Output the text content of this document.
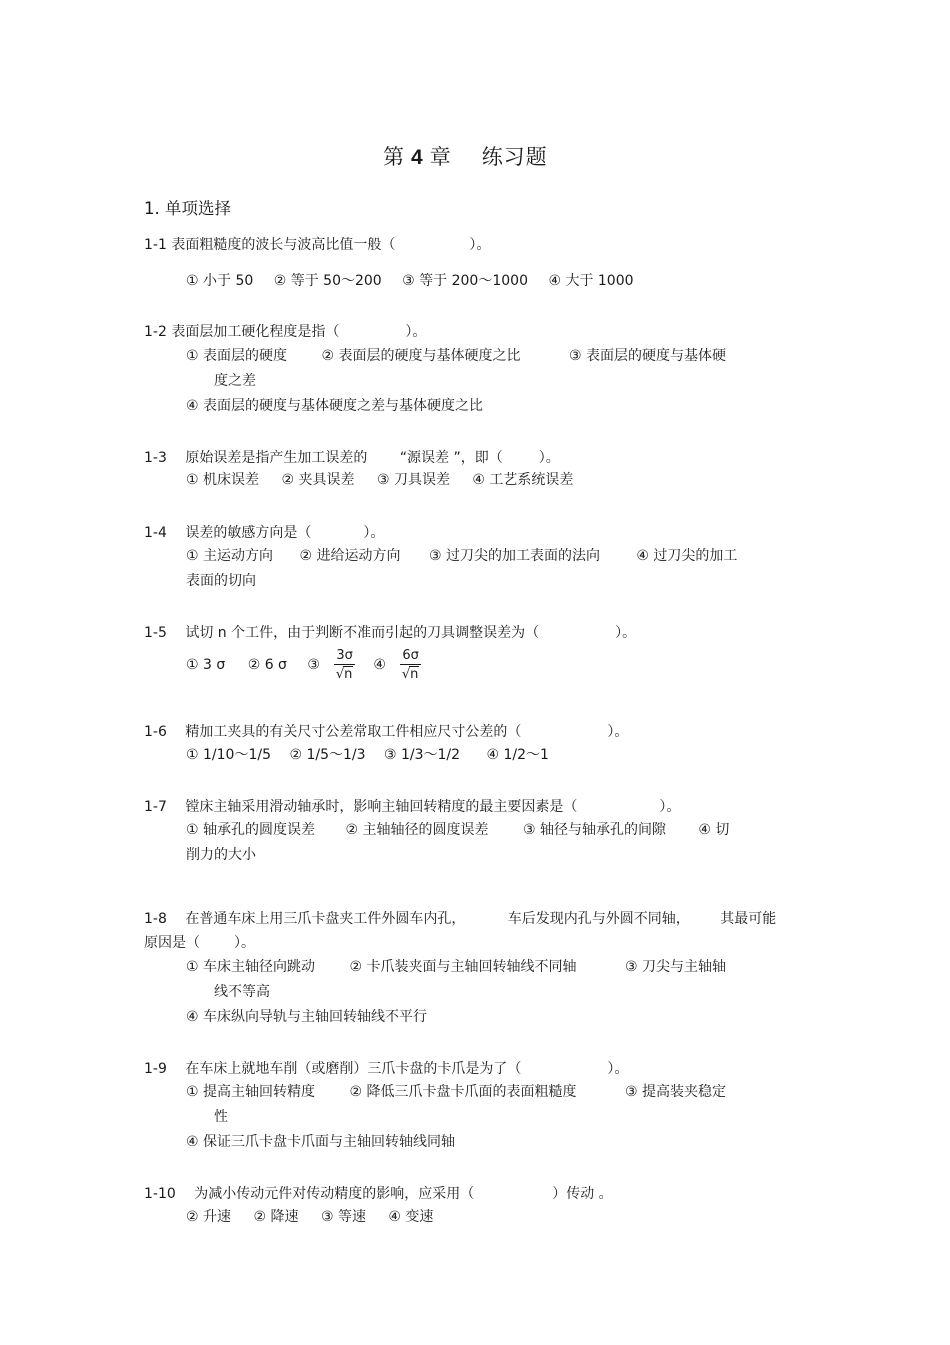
第 4 章 练习题
1. 单项选择
1-1 表面粗糙度的波长与波高比值一般（	）。
① 小于 50 ② 等于 50～200 ③ 等于 200～1000 ④ 大于 1000
1-2 表面层加工硬化程度是指（	）。
① 表面层的硬度 ② 表面层的硬度与基体硬度之比	③ 表面层的硬度与基体硬
度之差
④ 表面层的硬度与基体硬度之差与基体硬度之比
1-3 原始误差是指产生加工误差的 “源误差 ”，即（	）。
① 机床误差 ② 夹具误差 ③ 刀具误差 ④ 工艺系统误差
1-4 误差的敏感方向是（	）。
① 主运动方向 ② 进给运动方向 ③ 过刀尖的加工表面的法向	④ 过刀尖的加工
表面的切向
1-5 试切 n 个工件，由于判断不准而引起的刀具调整误差为（	）。
① 3 σ ② 6 σ ③ $\frac{3\sigma}{√n}$ ④ $\frac{6\sigma}{√n}$
1-6 精加工夹具的有关尺寸公差常取工件相应尺寸公差的（	）。
① 1/10～1/5 ② 1/5～1/3 ③ 1/3～1/2 ④ 1/2～1
1-7 镗床主轴采用滑动轴承时，影响主轴回转精度的最主要因素是（	）。
① 轴承孔的圆度误差 ② 主轴轴径的圆度误差 ③ 轴径与轴承孔的间隙 ④ 切
削力的大小
1-8 在普通车床上用三爪卡盘夹工件外圆车内孔，	车后发现内孔与外圆不同轴， 其最可能
原因是（ ）。
① 车床主轴径向跳动 ② 卡爪装夹面与主轴回转轴线不同轴	③ 刀尖与主轴轴
线不等高
④ 车床纵向导轨与主轴回转轴线不平行
1-9 在车床上就地车削（或磨削）三爪卡盘的卡爪是为了（	）。
① 提高主轴回转精度 ② 降低三爪卡盘卡爪面的表面粗糙度	③ 提高装夹稳定
性
④ 保证三爪卡盘卡爪面与主轴回转轴线同轴
1-10 为减小传动元件对传动精度的影响，应采用（	）传动 。
② 升速 ② 降速 ③ 等速 ④ 变速
